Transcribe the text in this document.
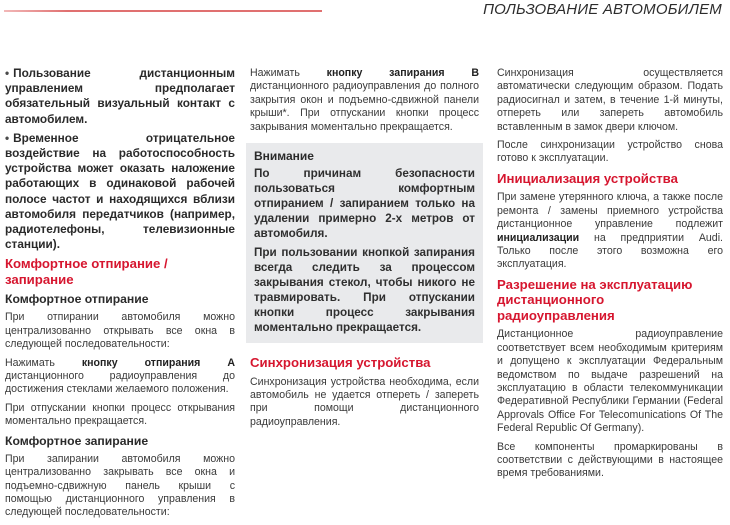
ПОЛЬЗОВАНИЕ АВТОМОБИЛЕМ

• Пользование дистанционным управлением предполагает обязательный визуальный контакт с автомобилем.

• Временное отрицательное воздействие на работоспособность устройства может оказать наложение работающих в одинаковой рабочей полосе частот и находящихся вблизи автомобиля передатчиков (например, радиотелефоны, телевизионные станции).

Комфортное отпирание / запирание
Комфортное отпирание

При отпирании автомобиля можно централизованно открывать все окна в следующей последовательности:

Нажимать кнопку отпирания A дистанционного радиоуправления до достижения стеклами желаемого положения.

При отпускании кнопки процесс открывания моментально прекращается.

Комфортное запирание

При запирании автомобиля можно централизованно закрывать все окна и подъемно-сдвижную панель крыши с помощью дистанционного управления в следующей последовательности:

Нажимать кнопку запирания B дистанционного радиоуправления до полного закрытия окон и подъемно-сдвижной панели крыши*. При отпускании кнопки процесс закрывания моментально прекращается.

Внимание

По причинам безопасности пользоваться комфортным отпиранием / запиранием только на удалении примерно 2-х метров от автомобиля.

При пользовании кнопкой запирания всегда следить за процессом закрывания стекол, чтобы никого не травмировать. При отпускании кнопки процесс закрывания моментально прекращается.

Синхронизация устройства

Синхронизация устройства необходима, если автомобиль не удается отпереть / запереть при помощи дистанционного радиоуправления.

Синхронизация осуществляется автоматически следующим образом. Подать радиосигнал и затем, в течение 1-й минуты, отпереть или запереть автомобиль вставленным в замок двери ключом.

После синхронизации устройство снова готово к эксплуатации.

Инициализация устройства

При замене утерянного ключа, а также после ремонта / замены приемного устройства дистанционное управление подлежит инициализации на предприятии Audi. Только после этого возможна его эксплуатация.

Разрешение на эксплуатацию дистанционного радиоуправления

Дистанционное радиоуправление соответствует всем необходимым критериям и допущено к эксплуатации Федеральным ведомством по выдаче разрешений на эксплуатацию в области телекоммуникации Федеративной Республики Германии (Federal Approvals Office For Telecomunications Of The Federal Republic Of Germany).

Все компоненты промаркированы в соответствии с действующими в настоящее время требованиями.
